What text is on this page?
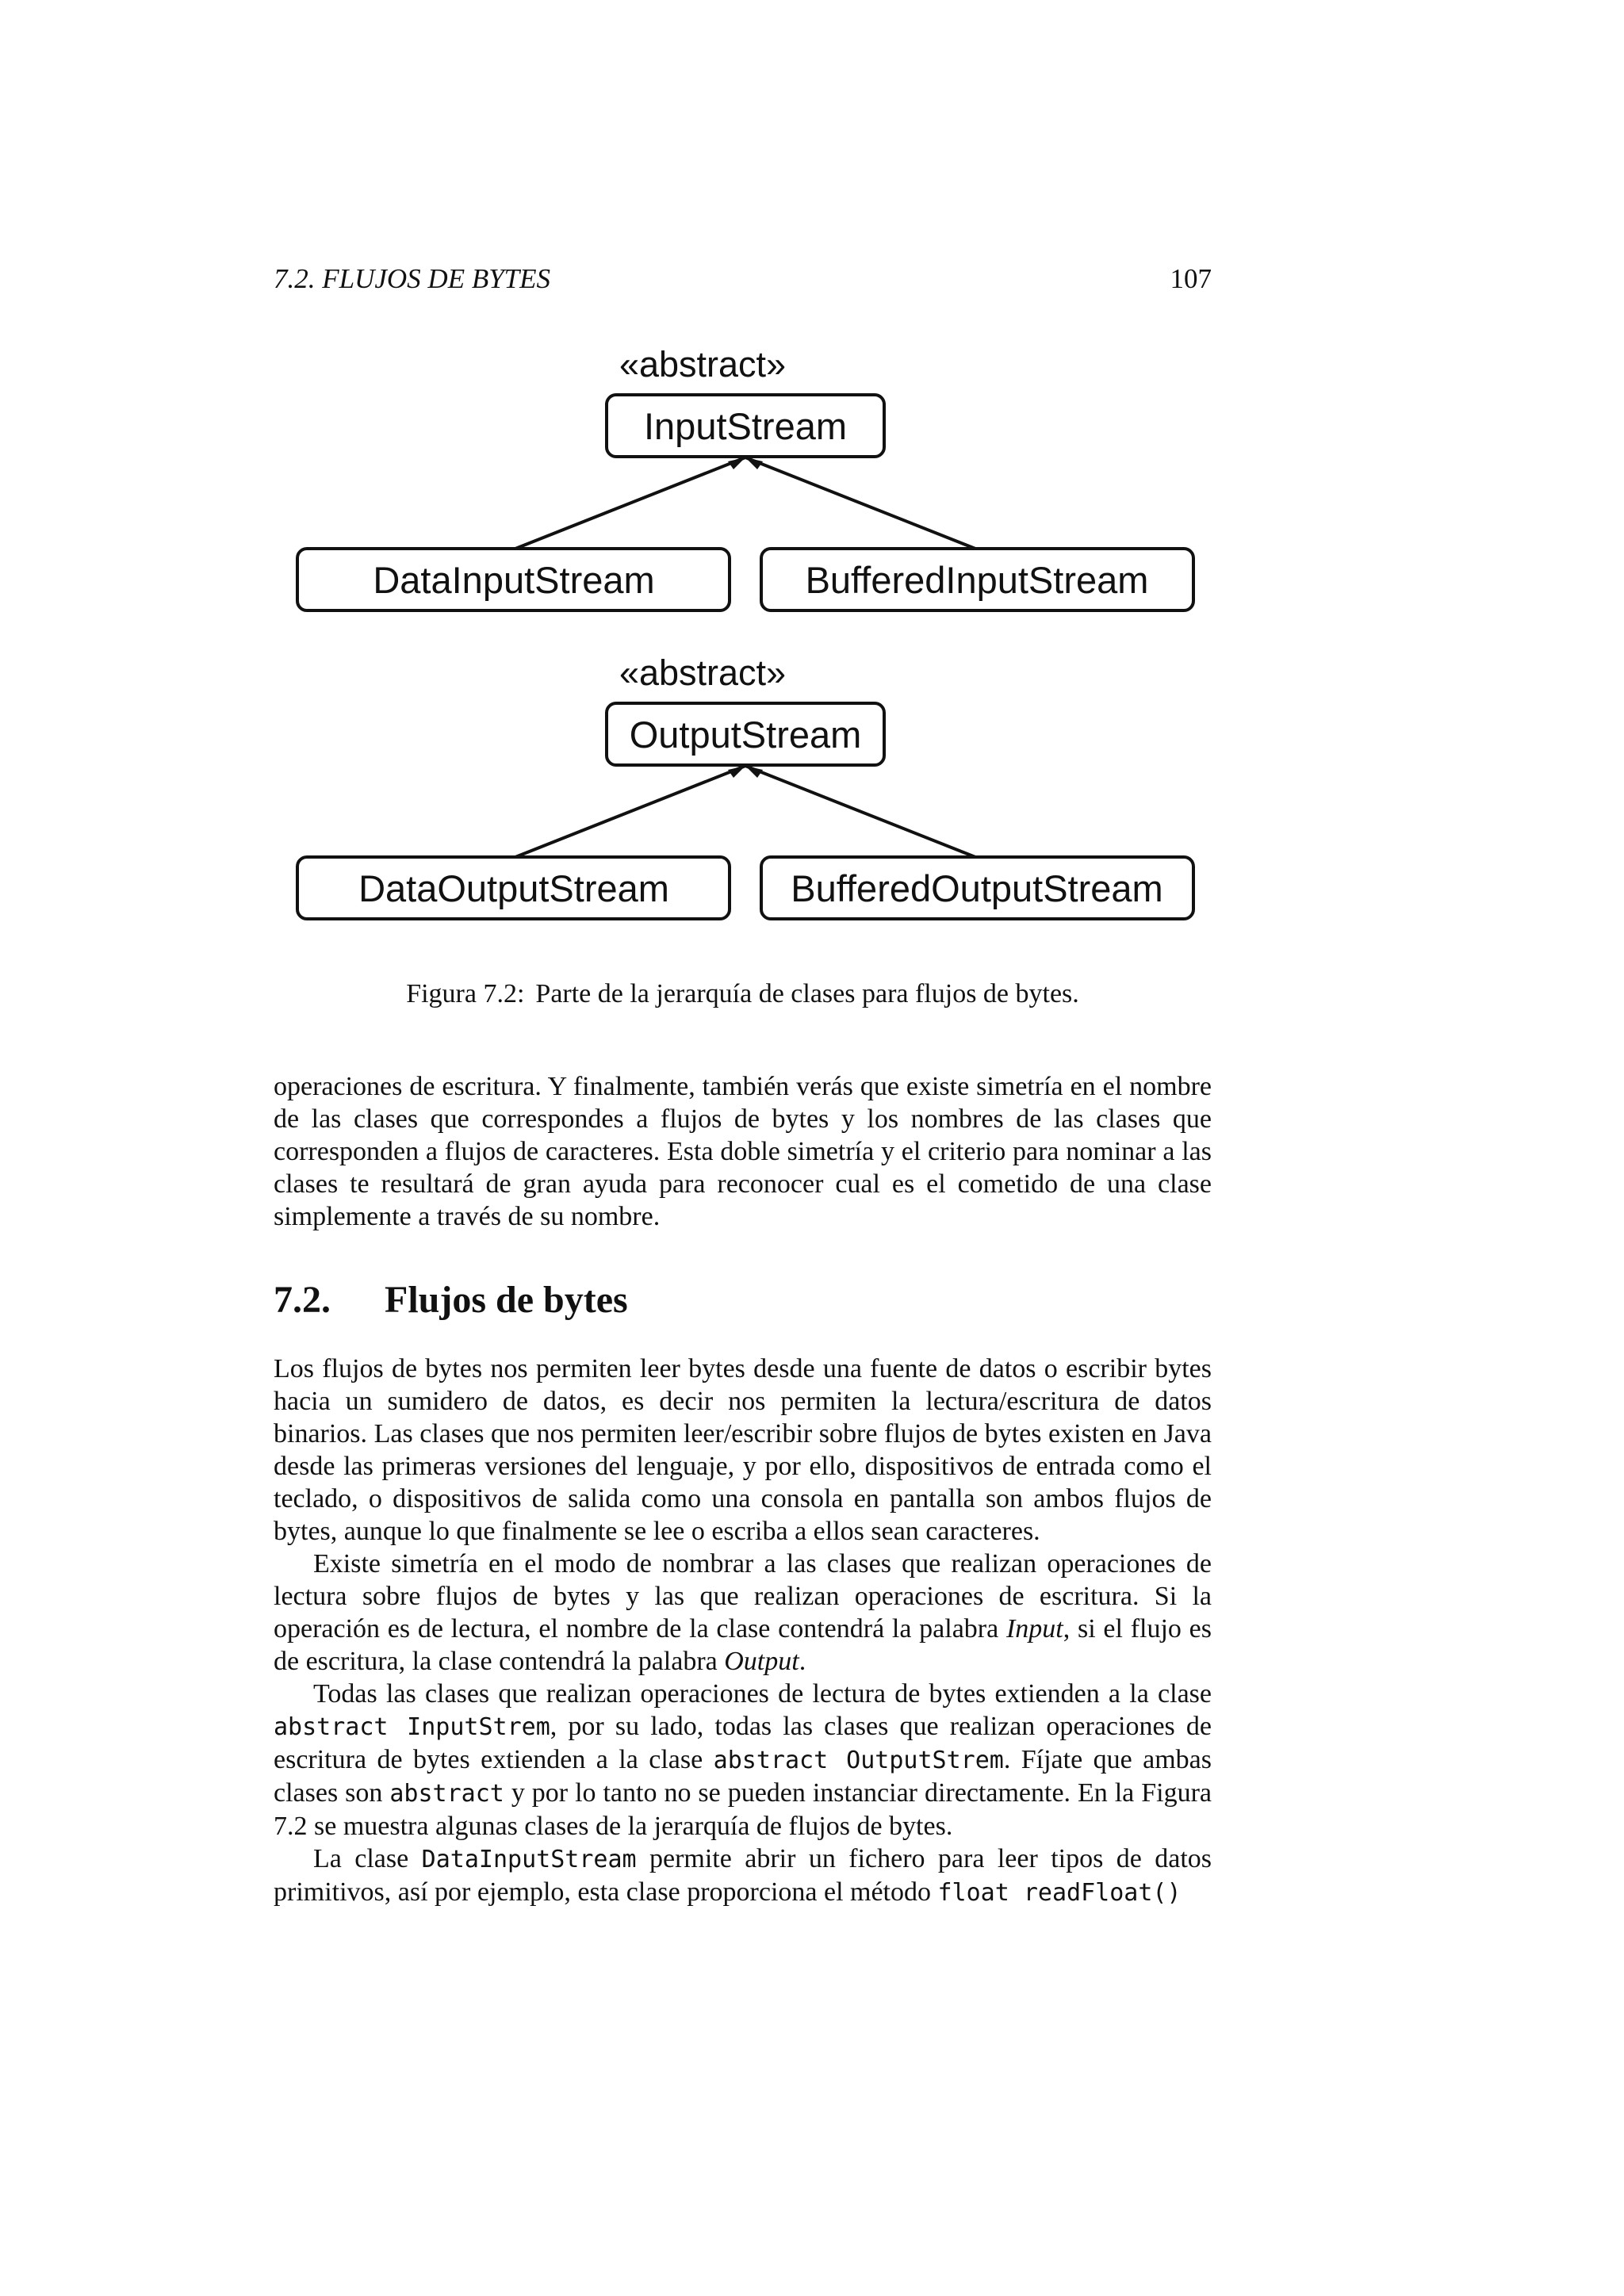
7.2. FLUJOS DE BYTES	107
«abstract»
InputStream
DataInputStream	BufferedInputStream
«abstract»
OutputStream
DataOutputStream	BufferedOutputStream
Figura 7.2: Parte de la jerarquía de clases para flujos de bytes.

operaciones de escritura. Y finalmente, también verás que existe simetría en el nombre de las clases que correspondes a flujos de bytes y los nombres de las clases que corresponden a flujos de caracteres. Esta doble simetría y el criterio para nominar a las clases te resultará de gran ayuda para reconocer cual es el cometido de una clase simplemente a través de su nombre.

7.2. Flujos de bytes

Los flujos de bytes nos permiten leer bytes desde una fuente de datos o escribir bytes hacia un sumidero de datos, es decir nos permiten la lectura/escritura de datos binarios. Las clases que nos permiten leer/escribir sobre flujos de bytes existen en Java desde las primeras versiones del lenguaje, y por ello, dispositivos de entrada como el teclado, o dispositivos de salida como una consola en pantalla son ambos flujos de bytes, aunque lo que finalmente se lee o escriba a ellos sean caracteres.

Existe simetría en el modo de nombrar a las clases que realizan operaciones de lectura sobre flujos de bytes y las que realizan operaciones de escritura. Si la operación es de lectura, el nombre de la clase contendrá la palabra Input, si el flujo es de escritura, la clase contendrá la palabra Output.

Todas las clases que realizan operaciones de lectura de bytes extienden a la clase abstract InputStrem, por su lado, todas las clases que realizan operaciones de escritura de bytes extienden a la clase abstract OutputStrem. Fíjate que ambas clases son abstract y por lo tanto no se pueden instanciar directamente. En la Figura 7.2 se muestra algunas clases de la jerarquía de flujos de bytes.

La clase DataInputStream permite abrir un fichero para leer tipos de datos primitivos, así por ejemplo, esta clase proporciona el método float readFloat()
